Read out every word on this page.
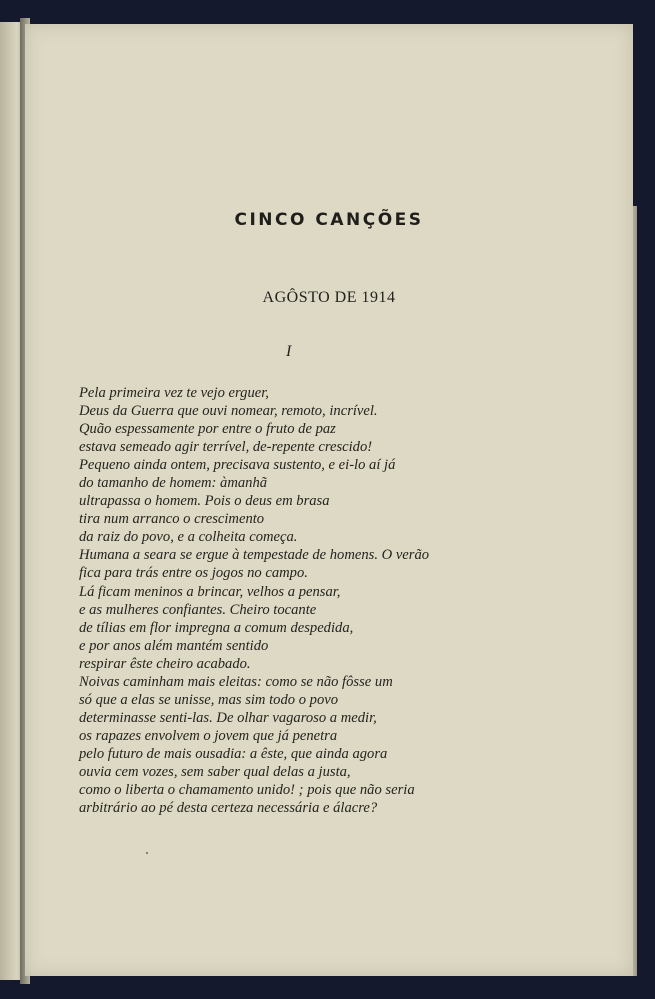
CINCO CANÇÕES
AGÔSTO DE 1914
I
Pela primeira vez te vejo erguer,
Deus da Guerra que ouvi nomear, remoto, incrível.
Quão espessamente por entre o fruto de paz
estava semeado agir terrível, de-repente crescido!
Pequeno ainda ontem, precisava sustento, e ei-lo aí já
do tamanho de homem: àmanhã
ultrapassa o homem. Pois o deus em brasa
tira num arranco o crescimento
da raiz do povo, e a colheita começa.
Humana a seara se ergue à tempestade de homens. O verão
fica para trás entre os jogos no campo.
Lá ficam meninos a brincar, velhos a pensar,
e as mulheres confiantes. Cheiro tocante
de tílias em flor impregna a comum despedida,
e por anos além mantém sentido
respirar êste cheiro acabado.
Noivas caminham mais eleitas: como se não fôsse um
só que a elas se unisse, mas sim todo o povo
determinasse senti-las. De olhar vagaroso a medir,
os rapazes envolvem o jovem que já penetra
pelo futuro de mais ousadia: a êste, que ainda agora
ouvia cem vozes, sem saber qual delas a justa,
como o liberta o chamamento unido! ; pois que não seria
arbitrário ao pé desta certeza necessária e álacre?
